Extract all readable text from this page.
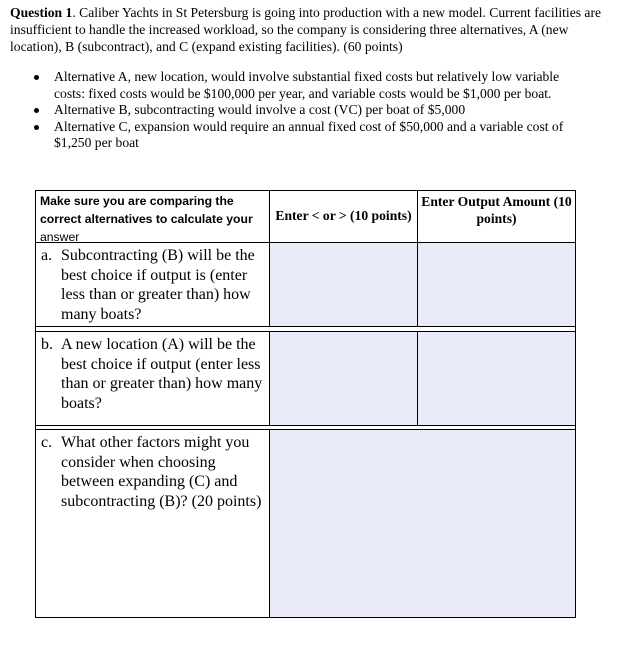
Question 1. Caliber Yachts in St Petersburg is going into production with a new model. Current facilities are insufficient to handle the increased workload, so the company is considering three alternatives, A (new location), B (subcontract), and C (expand existing facilities). (60 points)
Alternative A, new location, would involve substantial fixed costs but relatively low variable costs: fixed costs would be $100,000 per year, and variable costs would be $1,000 per boat.
Alternative B, subcontracting would involve a cost (VC) per boat of $5,000
Alternative C, expansion would require an annual fixed cost of $50,000 and a variable cost of $1,250 per boat
Make sure you are comparing the correct alternatives to calculate your
answer
Enter < or > (10 points)
Enter Output Amount (10 points)
a. Subcontracting (B) will be the best choice if output is (enter less than or greater than) how many boats?
b. A new location (A) will be the best choice if output (enter less than or greater than) how many boats?
c. What other factors might you consider when choosing between expanding (C) and subcontracting (B)? (20 points)
